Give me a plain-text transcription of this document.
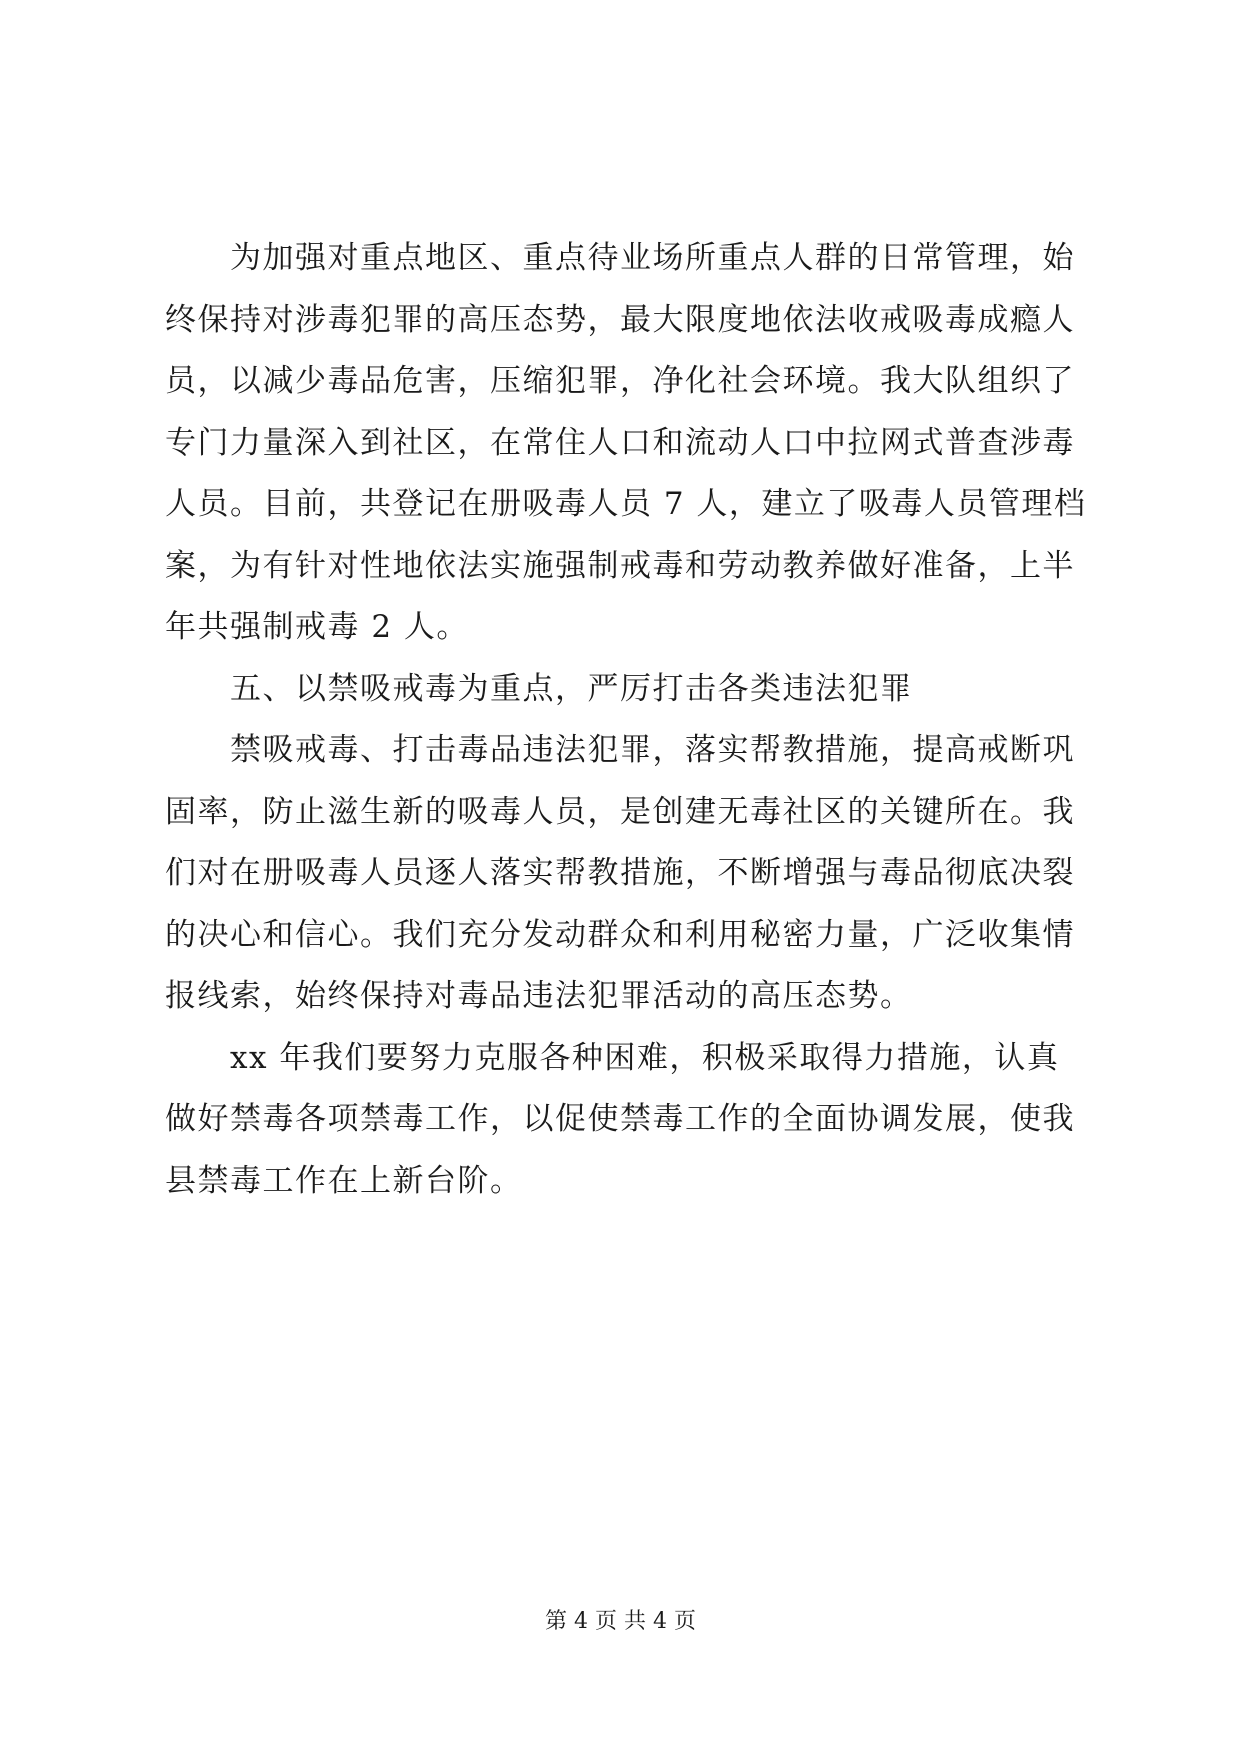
　　为加强对重点地区、重点待业场所重点人群的日常管理，始
终保持对涉毒犯罪的高压态势，最大限度地依法收戒吸毒成瘾人
员，以减少毒品危害，压缩犯罪，净化社会环境。我大队组织了
专门力量深入到社区，在常住人口和流动人口中拉网式普查涉毒
人员。目前，共登记在册吸毒人员 7 人，建立了吸毒人员管理档
案，为有针对性地依法实施强制戒毒和劳动教养做好准备，上半
年共强制戒毒 2 人。
　　五、以禁吸戒毒为重点，严厉打击各类违法犯罪
　　禁吸戒毒、打击毒品违法犯罪，落实帮教措施，提高戒断巩
固率，防止滋生新的吸毒人员，是创建无毒社区的关键所在。我
们对在册吸毒人员逐人落实帮教措施，不断增强与毒品彻底决裂
的决心和信心。我们充分发动群众和利用秘密力量，广泛收集情
报线索，始终保持对毒品违法犯罪活动的高压态势。
　　xx 年我们要努力克服各种困难，积极采取得力措施，认真
做好禁毒各项禁毒工作，以促使禁毒工作的全面协调发展，使我
县禁毒工作在上新台阶。
第 4 页 共 4 页
